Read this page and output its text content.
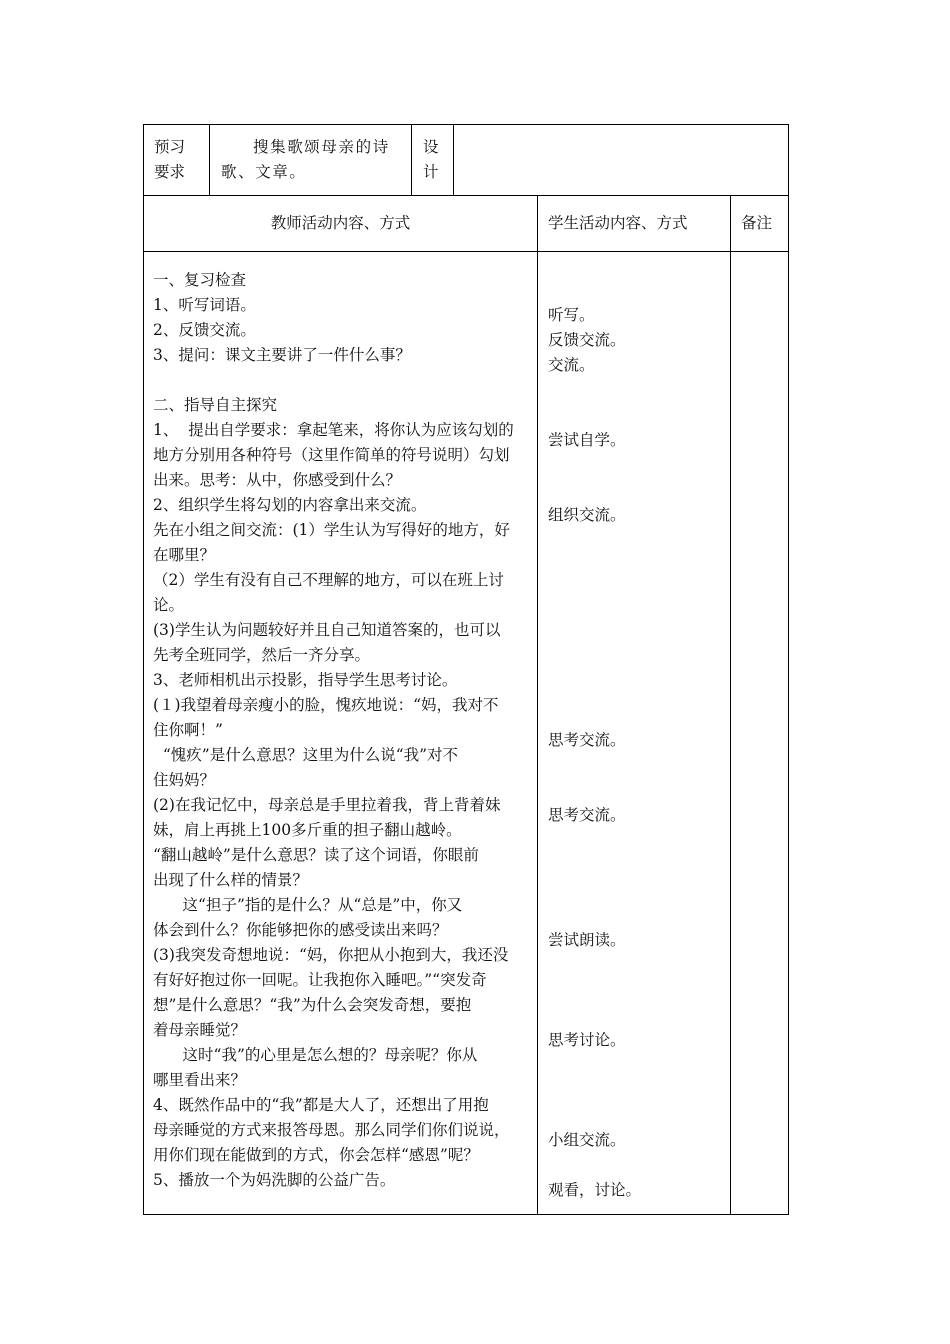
预习
要求
搜集歌颂母亲的诗
歌、文章。
设
计
教师活动内容、方式	学生活动内容、方式	备注
一、复习检查
1、听写词语。
2、反馈交流。
3、提问：课文主要讲了一件什么事？
二、指导自主探究
1、  提出自学要求：拿起笔来，将你认为应该勾划的
地方分别用各种符号（这里作简单的符号说明）勾划
出来。思考：从中，你感受到什么？
2、组织学生将勾划的内容拿出来交流。
先在小组之间交流：(1）学生认为写得好的地方，好
在哪里？
（2）学生有没有自己不理解的地方，可以在班上讨
论。
(3)学生认为问题较好并且自己知道答案的，也可以
先考全班同学，然后一齐分享。
3、老师相机出示投影，指导学生思考讨论。
(１)我望着母亲瘦小的脸，愧疚地说：“妈，我对不
住你啊！”
“愧疚”是什么意思？这里为什么说“我”对不
住妈妈？
(2)在我记忆中，母亲总是手里拉着我，背上背着妹
妹，肩上再挑上100多斤重的担子翻山越岭。
“翻山越岭”是什么意思？读了这个词语，你眼前
出现了什么样的情景？
这“担子”指的是什么？从“总是”中，你又
体会到什么？你能够把你的感受读出来吗？
(3)我突发奇想地说：“妈，你把从小抱到大，我还没
有好好抱过你一回呢。让我抱你入睡吧。”“突发奇
想”是什么意思？“我”为什么会突发奇想，要抱
着母亲睡觉？
这时“我”的心里是怎么想的？母亲呢？你从
哪里看出来？
4、既然作品中的“我”都是大人了，还想出了用抱
母亲睡觉的方式来报答母恩。那么同学们你们说说，
用你们现在能做到的方式，你会怎样“感恩”呢？
5、播放一个为妈洗脚的公益广告。
听写。
反馈交流。
交流。
尝试自学。
组织交流。
思考交流。
思考交流。
尝试朗读。
思考讨论。
小组交流。
观看，讨论。
